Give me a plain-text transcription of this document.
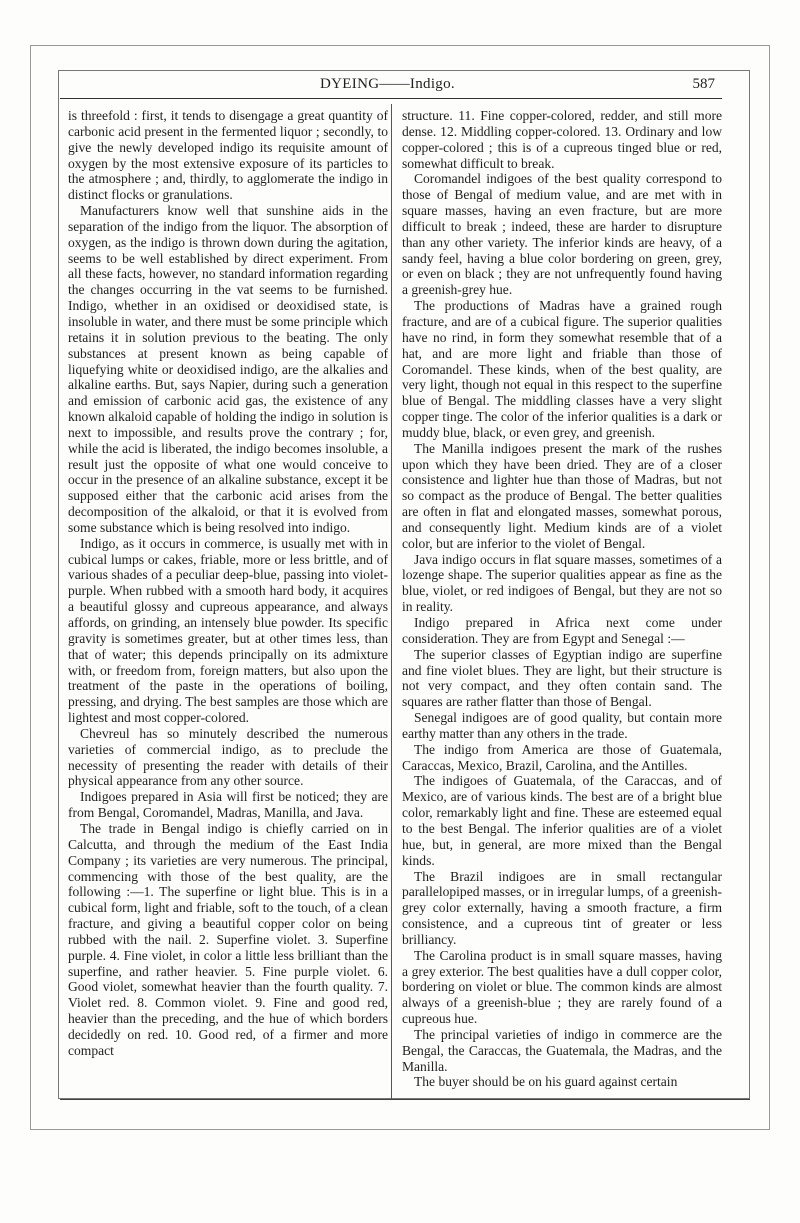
DYEING——Indigo.	587

is threefold : first, it tends to disengage a great quantity of carbonic acid present in the fermented liquor ; secondly, to give the newly developed indigo its requisite amount of oxygen by the most extensive exposure of its particles to the atmosphere ; and, thirdly, to agglomerate the indigo in distinct flocks or granulations.

Manufacturers know well that sunshine aids in the separation of the indigo from the liquor. The absorption of oxygen, as the indigo is thrown down during the agitation, seems to be well established by direct experiment. From all these facts, however, no standard information regarding the changes occurring in the vat seems to be furnished. Indigo, whether in an oxidised or deoxidised state, is insoluble in water, and there must be some principle which retains it in solution previous to the beating. The only substances at present known as being capable of liquefying white or deoxidised indigo, are the alkalies and alkaline earths. But, says Napier, during such a generation and emission of carbonic acid gas, the existence of any known alkaloid capable of holding the indigo in solution is next to impossible, and results prove the contrary ; for, while the acid is liberated, the indigo becomes insoluble, a result just the opposite of what one would conceive to occur in the presence of an alkaline substance, except it be supposed either that the carbonic acid arises from the decomposition of the alkaloid, or that it is evolved from some substance which is being resolved into indigo.

Indigo, as it occurs in commerce, is usually met with in cubical lumps or cakes, friable, more or less brittle, and of various shades of a peculiar deep-blue, passing into violet-purple. When rubbed with a smooth hard body, it acquires a beautiful glossy and cupreous appearance, and always affords, on grinding, an intensely blue powder. Its specific gravity is sometimes greater, but at other times less, than that of water; this depends principally on its admixture with, or freedom from, foreign matters, but also upon the treatment of the paste in the operations of boiling, pressing, and drying. The best samples are those which are lightest and most copper-colored.

Chevreul has so minutely described the numerous varieties of commercial indigo, as to preclude the necessity of presenting the reader with details of their physical appearance from any other source.

Indigoes prepared in Asia will first be noticed; they are from Bengal, Coromandel, Madras, Manilla, and Java.

The trade in Bengal indigo is chiefly carried on in Calcutta, and through the medium of the East India Company ; its varieties are very numerous. The principal, commencing with those of the best quality, are the following :—1. The superfine or light blue. This is in a cubical form, light and friable, soft to the touch, of a clean fracture, and giving a beautiful copper color on being rubbed with the nail. 2. Superfine violet. 3. Superfine purple. 4. Fine violet, in color a little less brilliant than the superfine, and rather heavier. 5. Fine purple violet. 6. Good violet, somewhat heavier than the fourth quality. 7. Violet red. 8. Common violet. 9. Fine and good red, heavier than the preceding, and the hue of which borders decidedly on red. 10. Good red, of a firmer and more compact

structure. 11. Fine copper-colored, redder, and still more dense. 12. Middling copper-colored. 13. Ordinary and low copper-colored ; this is of a cupreous tinged blue or red, somewhat difficult to break.

Coromandel indigoes of the best quality correspond to those of Bengal of medium value, and are met with in square masses, having an even fracture, but are more difficult to break ; indeed, these are harder to disrupture than any other variety. The inferior kinds are heavy, of a sandy feel, having a blue color bordering on green, grey, or even on black ; they are not unfrequently found having a greenish-grey hue.

The productions of Madras have a grained rough fracture, and are of a cubical figure. The superior qualities have no rind, in form they somewhat resemble that of a hat, and are more light and friable than those of Coromandel. These kinds, when of the best quality, are very light, though not equal in this respect to the superfine blue of Bengal. The middling classes have a very slight copper tinge. The color of the inferior qualities is a dark or muddy blue, black, or even grey, and greenish.

The Manilla indigoes present the mark of the rushes upon which they have been dried. They are of a closer consistence and lighter hue than those of Madras, but not so compact as the produce of Bengal. The better qualities are often in flat and elongated masses, somewhat porous, and consequently light. Medium kinds are of a violet color, but are inferior to the violet of Bengal.

Java indigo occurs in flat square masses, sometimes of a lozenge shape. The superior qualities appear as fine as the blue, violet, or red indigoes of Bengal, but they are not so in reality.

Indigo prepared in Africa next come under consideration. They are from Egypt and Senegal :—

The superior classes of Egyptian indigo are superfine and fine violet blues. They are light, but their structure is not very compact, and they often contain sand. The squares are rather flatter than those of Bengal.

Senegal indigoes are of good quality, but contain more earthy matter than any others in the trade.

The indigo from America are those of Guatemala, Caraccas, Mexico, Brazil, Carolina, and the Antilles.

The indigoes of Guatemala, of the Caraccas, and of Mexico, are of various kinds. The best are of a bright blue color, remarkably light and fine. These are esteemed equal to the best Bengal. The inferior qualities are of a violet hue, but, in general, are more mixed than the Bengal kinds.

The Brazil indigoes are in small rectangular parallelopiped masses, or in irregular lumps, of a greenish-grey color externally, having a smooth fracture, a firm consistence, and a cupreous tint of greater or less brilliancy.

The Carolina product is in small square masses, having a grey exterior. The best qualities have a dull copper color, bordering on violet or blue. The common kinds are almost always of a greenish-blue ; they are rarely found of a cupreous hue.

The principal varieties of indigo in commerce are the Bengal, the Caraccas, the Guatemala, the Madras, and the Manilla.

The buyer should be on his guard against certain
